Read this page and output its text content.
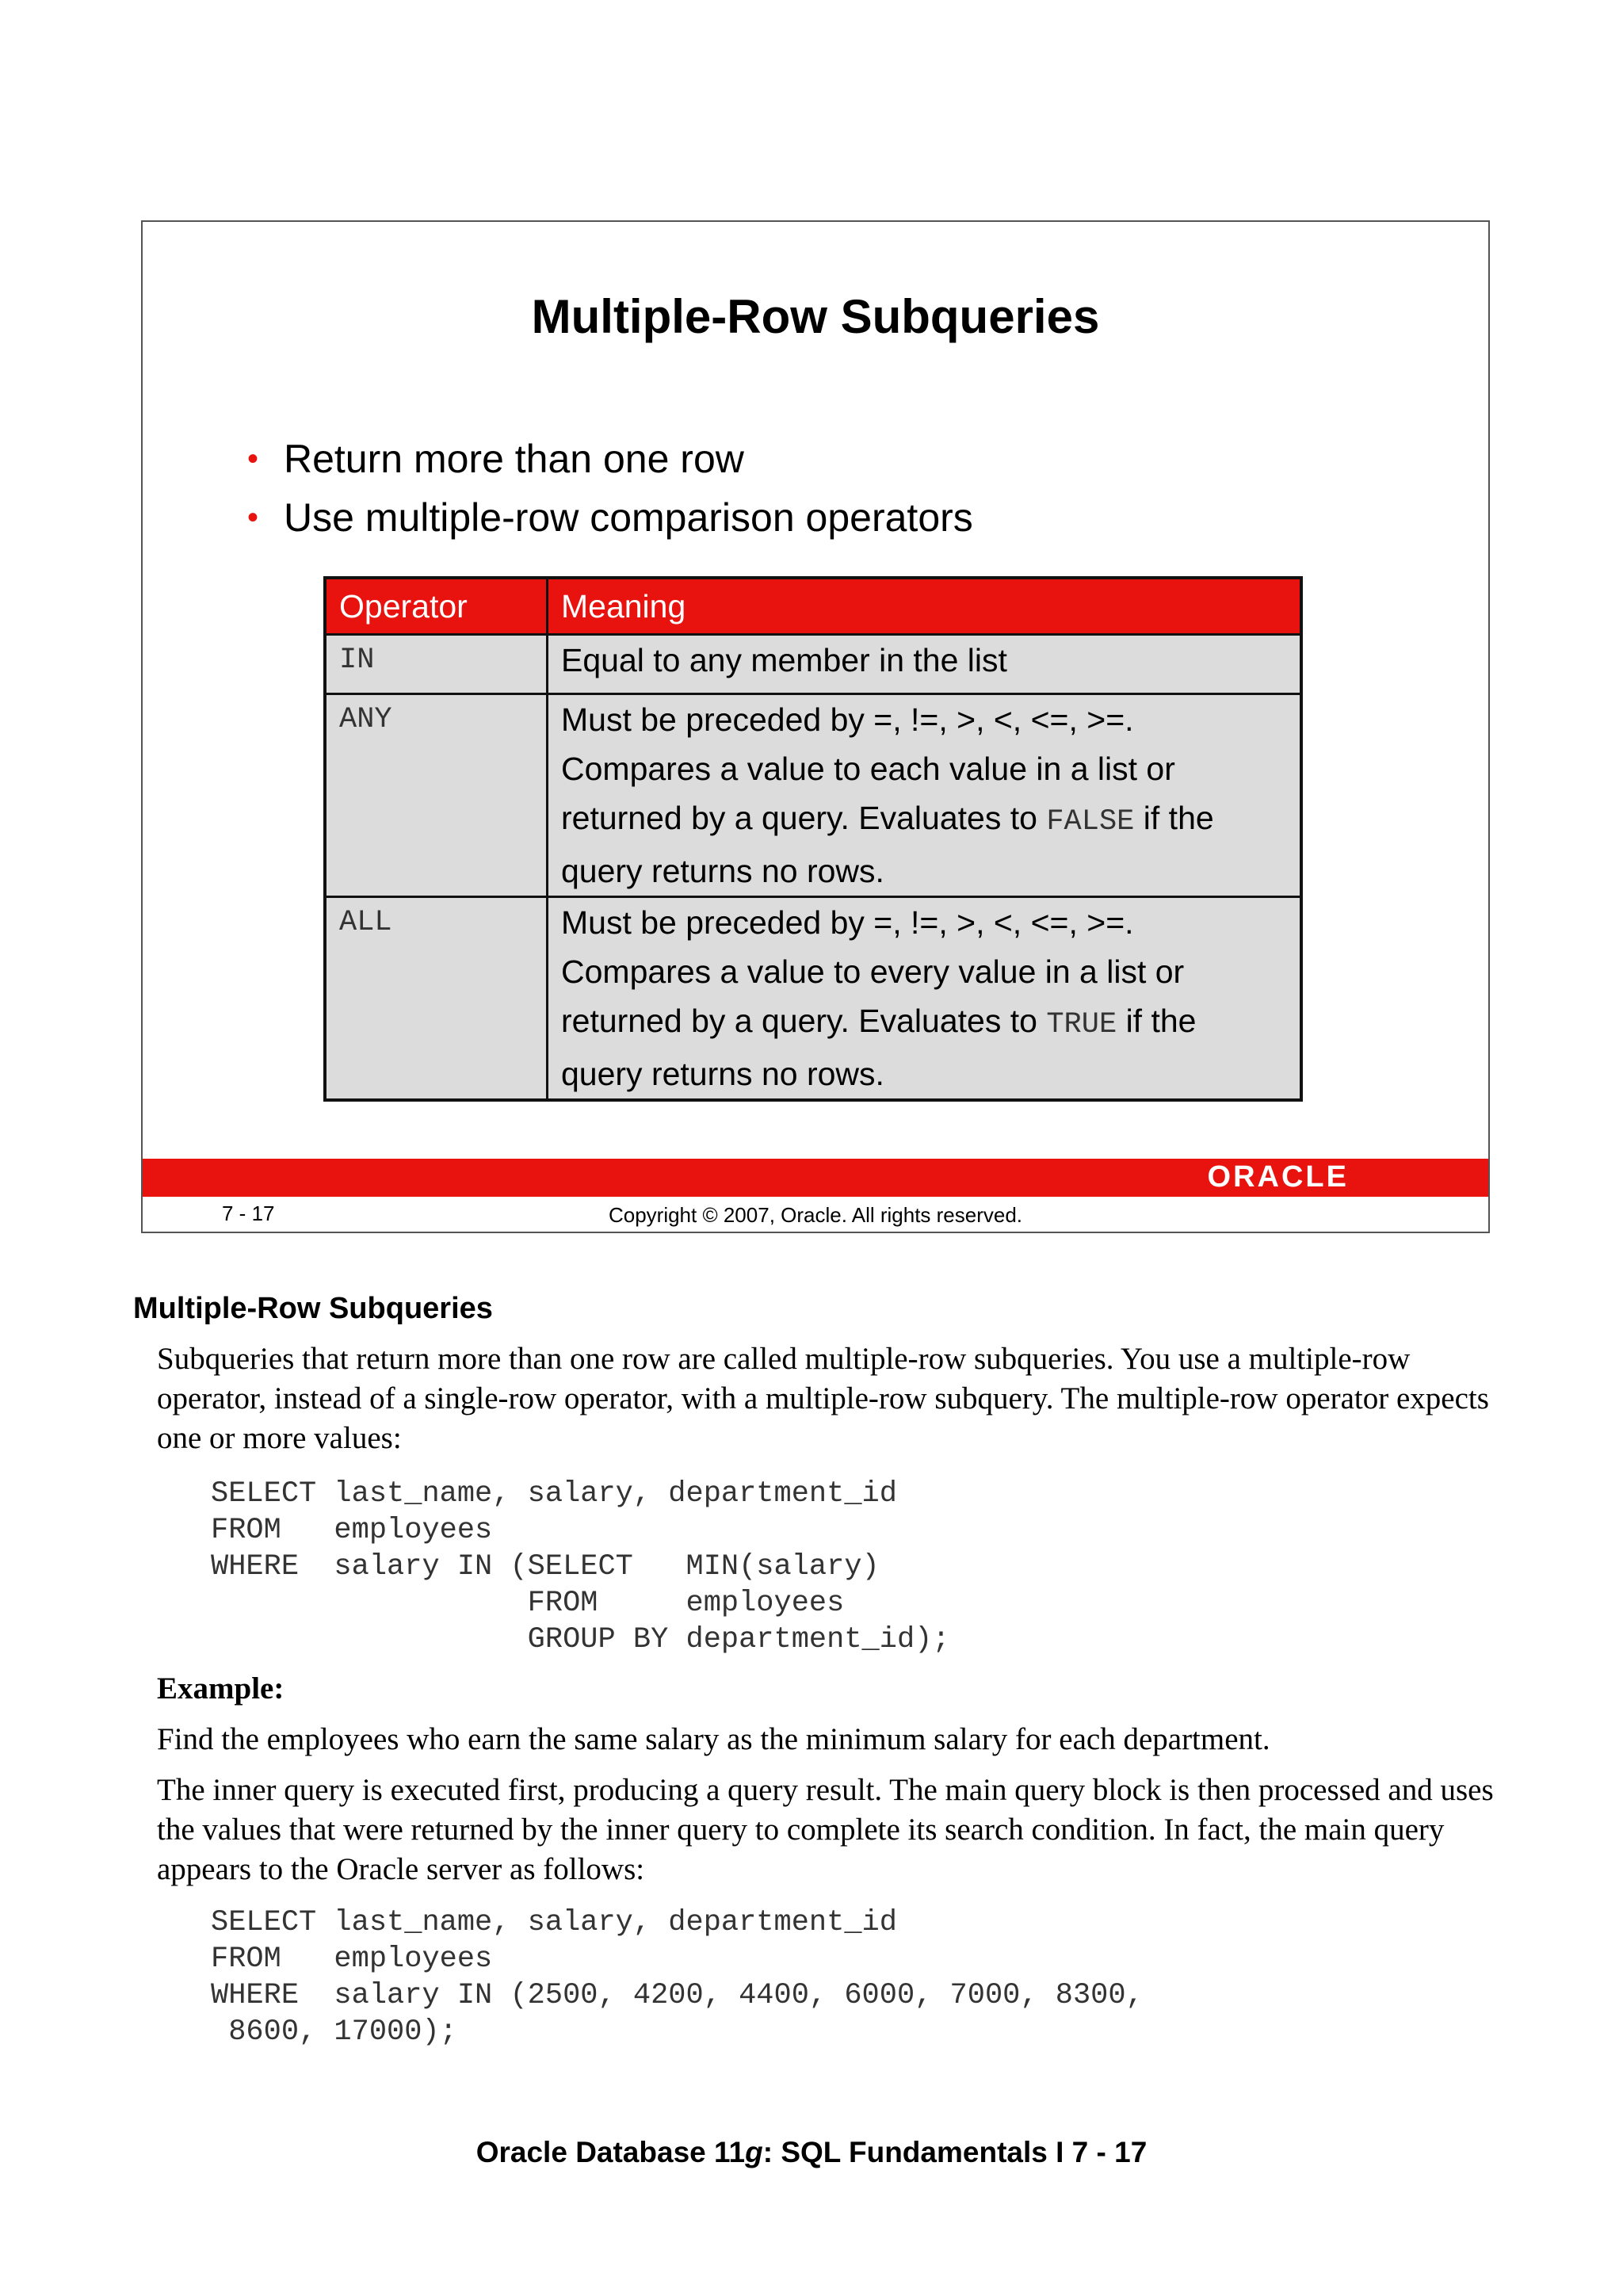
Multiple-Row Subqueries
• Return more than one row
• Use multiple-row comparison operators
Operator	Meaning
IN	Equal to any member in the list
ANY	Must be preceded by =, !=, >, <, <=, >=.
Compares a value to each value in a list or
returned by a query. Evaluates to FALSE if the
query returns no rows.

ALL	Must be preceded by =, !=, >, <, <=, >=.
Compares a value to every value in a list or
returned by a query. Evaluates to TRUE if the
query returns no rows.
ORACLE
7 - 17	Copyright © 2007, Oracle. All rights reserved.
Multiple-Row Subqueries

Subqueries that return more than one row are called multiple-row subqueries. You use a multiple-row operator, instead of a single-row operator, with a multiple-row subquery. The multiple-row operator expects one or more values:

SELECT last_name, salary, department_id
FROM   employees
WHERE  salary IN (SELECT   MIN(salary)
FROM     employees
GROUP BY department_id);
Example:

Find the employees who earn the same salary as the minimum salary for each department.

The inner query is executed first, producing a query result. The main query block is then processed and uses the values that were returned by the inner query to complete its search condition. In fact, the main query appears to the Oracle server as follows:

SELECT last_name, salary, department_id
FROM   employees
WHERE  salary IN (2500, 4200, 4400, 6000, 7000, 8300,
8600, 17000);
Oracle Database 11g: SQL Fundamentals I 7 - 17
